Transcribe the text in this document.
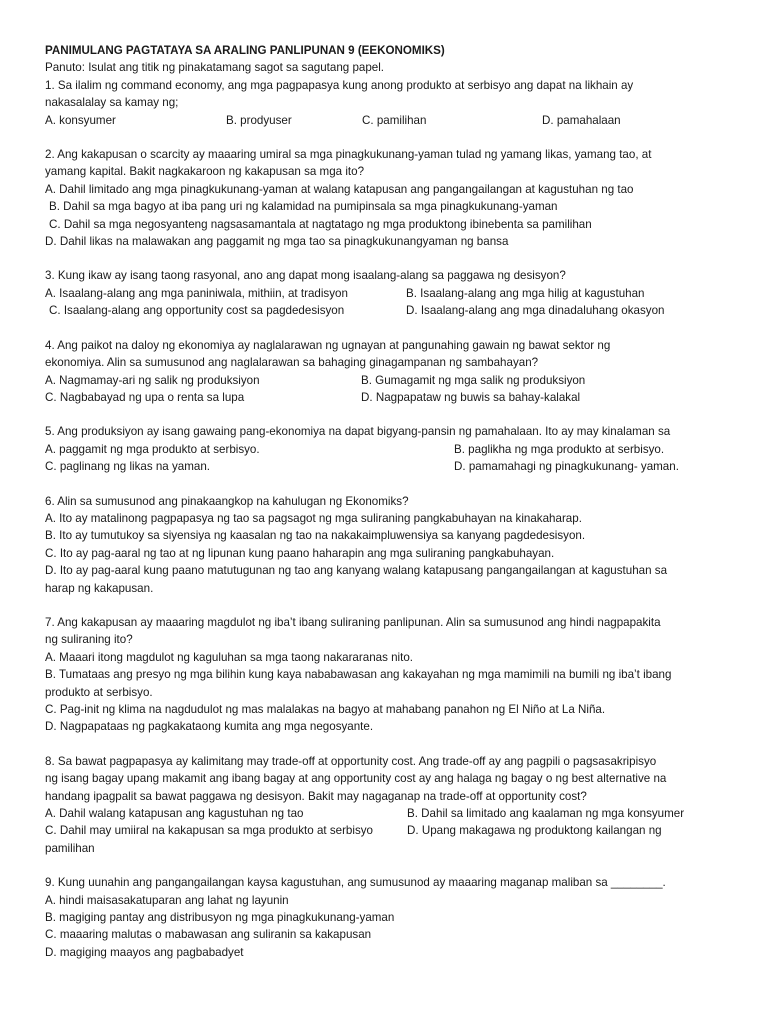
PANIMULANG PAGTATAYA SA ARALING PANLIPUNAN 9 (EEKONOMIKS)
Panuto: Isulat ang titik ng pinakatamang sagot sa sagutang papel.
1. Sa ilalim ng command economy, ang mga pagpapasya kung anong produkto at serbisyo ang dapat na likhain ay
nakasalalay sa kamay ng;
A. konsyumer	B. prodyuser	C. pamilihan	D. pamahalaan
2. Ang kakapusan o scarcity ay maaaring umiral sa mga pinagkukunang-yaman tulad ng yamang likas, yamang tao, at
yamang kapital. Bakit nagkakaroon ng kakapusan sa mga ito?
A. Dahil limitado ang mga pinagkukunang-yaman at walang katapusan ang pangangailangan at kagustuhan ng tao
B. Dahil sa mga bagyo at iba pang uri ng kalamidad na pumipinsala sa mga pinagkukunang-yaman
C. Dahil sa mga negosyanteng nagsasamantala at nagtatago ng mga produktong ibinebenta sa pamilihan
D. Dahil likas na malawakan ang paggamit ng mga tao sa pinagkukunangyaman ng bansa
3. Kung ikaw ay isang taong rasyonal, ano ang dapat mong isaalang-alang sa paggawa ng desisyon?
A. Isaalang-alang ang mga paniniwala, mithiin, at tradisyon	B. Isaalang-alang ang mga hilig at kagustuhan
C. Isaalang-alang ang opportunity cost sa pagdedesisyon	D. Isaalang-alang ang mga dinadaluhang okasyon
4. Ang paikot na daloy ng ekonomiya ay naglalarawan ng ugnayan at pangunahing gawain ng bawat sektor ng
ekonomiya. Alin sa sumusunod ang naglalarawan sa bahaging ginagampanan ng sambahayan?
A. Nagmamay-ari ng salik ng produksiyon	B. Gumagamit ng mga salik ng produksiyon
C. Nagbabayad ng upa o renta sa lupa	D. Nagpapataw ng buwis sa bahay-kalakal
5. Ang produksiyon ay isang gawaing pang-ekonomiya na dapat bigyang-pansin ng pamahalaan. Ito ay may kinalaman sa
A. paggamit ng mga produkto at serbisyo.	B. paglikha ng mga produkto at serbisyo.
C. paglinang ng likas na yaman.	D. pamamahagi ng pinagkukunang- yaman.
6. Alin sa sumusunod ang pinakaangkop na kahulugan ng Ekonomiks?
A. Ito ay matalinong pagpapasya ng tao sa pagsagot ng mga suliraning pangkabuhayan na kinakaharap.
B. Ito ay tumutukoy sa siyensiya ng kaasalan ng tao na nakakaimpluwensiya sa kanyang pagdedesisyon.
C. Ito ay pag-aaral ng tao at ng lipunan kung paano haharapin ang mga suliraning pangkabuhayan.
D. Ito ay pag-aaral kung paano matutugunan ng tao ang kanyang walang katapusang pangangailangan at kagustuhan sa
harap ng kakapusan.
7. Ang kakapusan ay maaaring magdulot ng iba’t ibang suliraning panlipunan. Alin sa sumusunod ang hindi nagpapakita
ng suliraning ito?
A. Maaari itong magdulot ng kaguluhan sa mga taong nakararanas nito.
B. Tumataas ang presyo ng mga bilihin kung kaya nababawasan ang kakayahan ng mga mamimili na bumili ng iba’t ibang
produkto at serbisyo.
C. Pag-init ng klima na nagdudulot ng mas malalakas na bagyo at mahabang panahon ng El Niño at La Niña.
D. Nagpapataas ng pagkakataong kumita ang mga negosyante.
8. Sa bawat pagpapasya ay kalimitang may trade-off at opportunity cost. Ang trade-off ay ang pagpili o pagsasakripisyo
ng isang bagay upang makamit ang ibang bagay at ang opportunity cost ay ang halaga ng bagay o ng best alternative na
handang ipagpalit sa bawat paggawa ng desisyon. Bakit may nagaganap na trade-off at opportunity cost?
A. Dahil walang katapusan ang kagustuhan ng tao	B. Dahil sa limitado ang kaalaman ng mga konsyumer
C. Dahil may umiiral na kakapusan sa mga produkto at serbisyo	D. Upang makagawa ng produktong kailangan ng
pamilihan
9. Kung uunahin ang pangangailangan kaysa kagustuhan, ang sumusunod ay maaaring maganap maliban sa ________.
A. hindi maisasakatuparan ang lahat ng layunin
B. magiging pantay ang distribusyon ng mga pinagkukunang-yaman
C. maaaring malutas o mabawasan ang suliranin sa kakapusan
D. magiging maayos ang pagbabadyet
